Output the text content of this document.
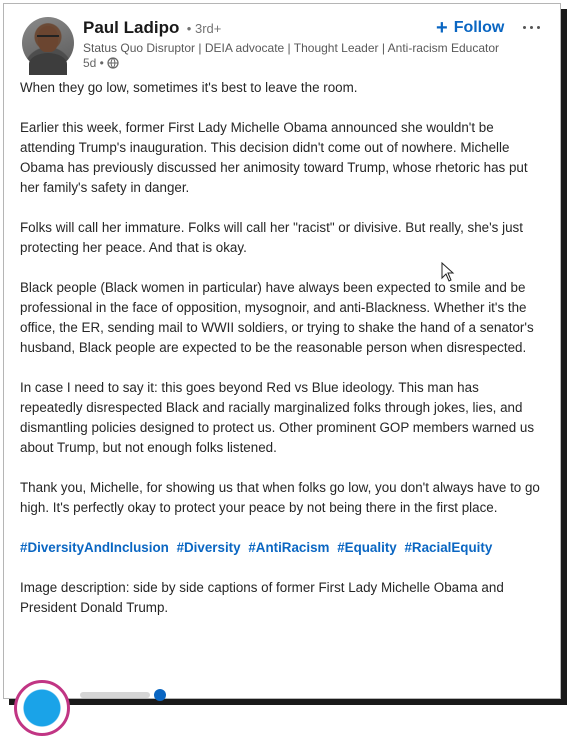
Paul Ladipo • 3rd+
Status Quo Disruptor | DEIA advocate | Thought Leader | Anti-racism Educator
5d •
+ Follow

When they go low, sometimes it's best to leave the room.

Earlier this week, former First Lady Michelle Obama announced she wouldn't be attending Trump's inauguration. This decision didn't come out of nowhere. Michelle Obama has previously discussed her animosity toward Trump, whose rhetoric has put her family's safety in danger.

Folks will call her immature. Folks will call her "racist" or divisive. But really, she's just protecting her peace. And that is okay.

Black people (Black women in particular) have always been expected to smile and be professional in the face of opposition, mysognoir, and anti-Blackness. Whether it's the office, the ER, sending mail to WWII soldiers, or trying to shake the hand of a senator's husband, Black people are expected to be the reasonable person when disrespected.

In case I need to say it: this goes beyond Red vs Blue ideology. This man has repeatedly disrespected Black and racially marginalized folks through jokes, lies, and dismantling policies designed to protect us. Other prominent GOP members warned us about Trump, but not enough folks listened.

Thank you, Michelle, for showing us that when folks go low, you don't always have to go high. It's perfectly okay to protect your peace by not being there in the first place.

#DiversityAndInclusion #Diversity #AntiRacism #Equality #RacialEquity

Image description: side by side captions of former First Lady Michelle Obama and President Donald Trump.
